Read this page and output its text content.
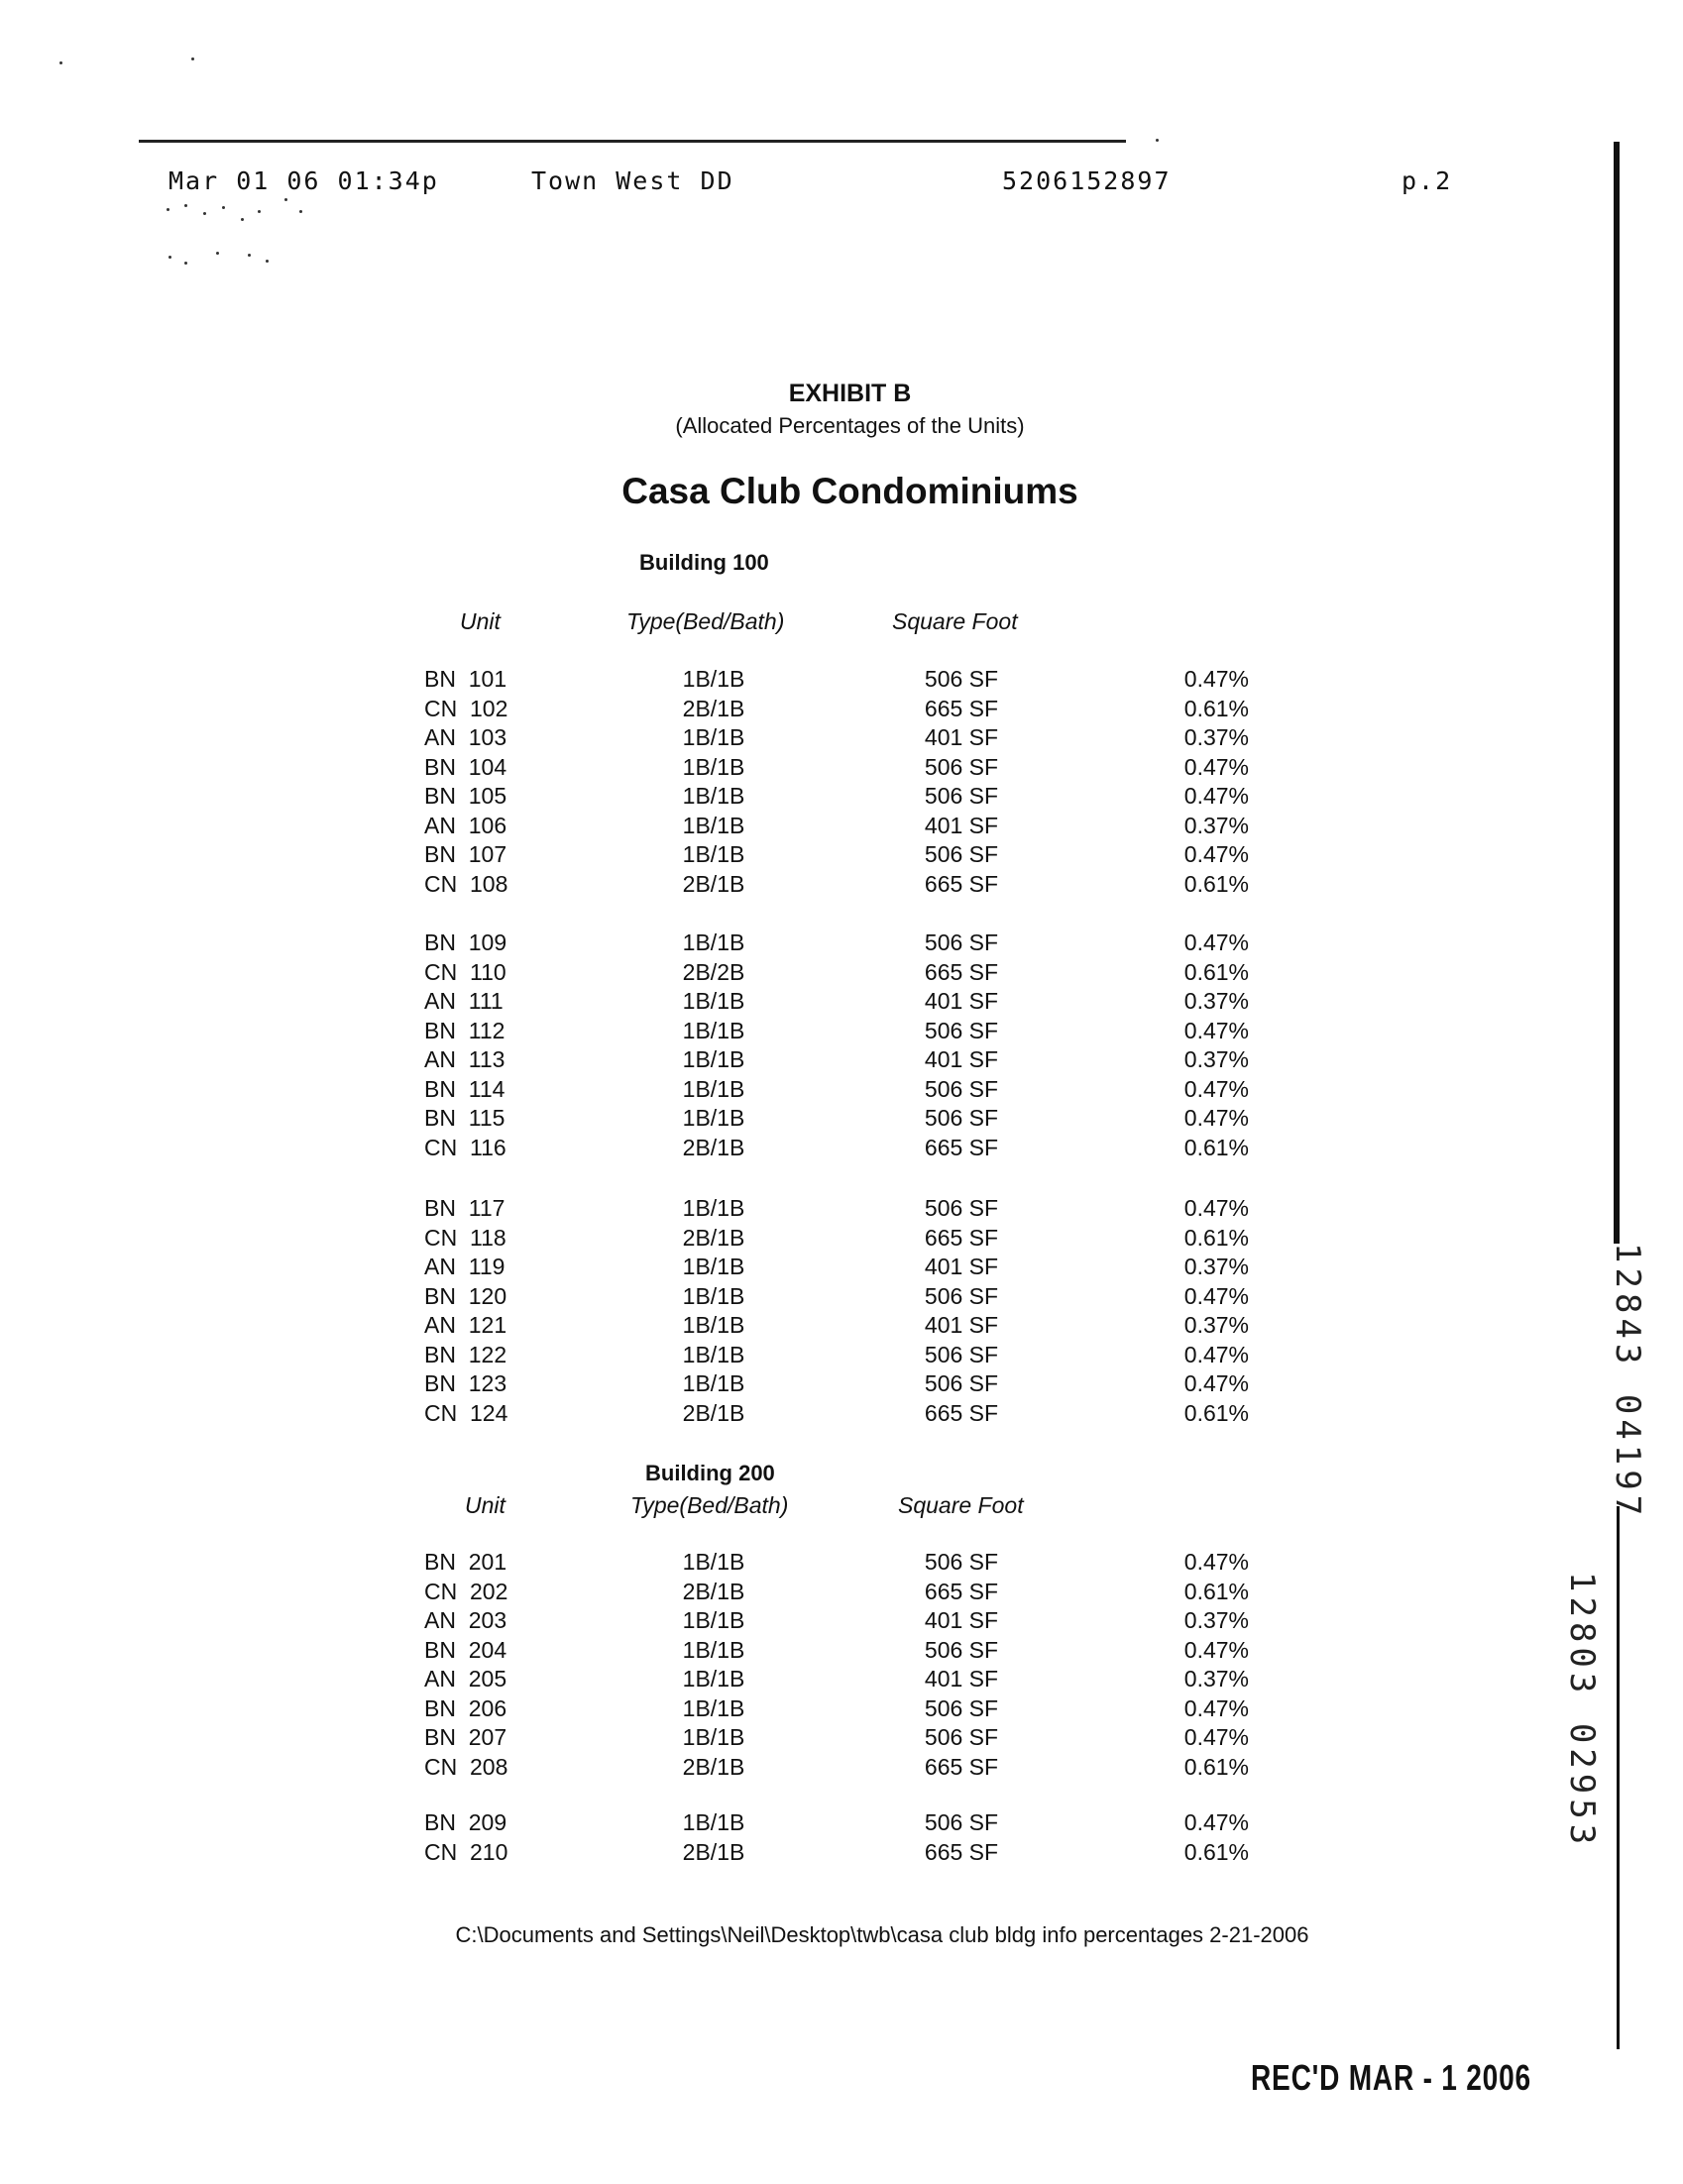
Mar 01 06 01:34p	Town West DD	5206152897	p.2
EXHIBIT B
(Allocated Percentages of the Units)
Casa Club Condominiums
Building 100
Unit	Type(Bed/Bath)	Square Foot
BN  101	1B/1B	506 SF	0.47%
CN  102	2B/1B	665 SF	0.61%
AN  103	1B/1B	401 SF	0.37%
BN  104	1B/1B	506 SF	0.47%
BN  105	1B/1B	506 SF	0.47%
AN  106	1B/1B	401 SF	0.37%
BN  107	1B/1B	506 SF	0.47%
CN  108	2B/1B	665 SF	0.61%
BN  109	1B/1B	506 SF	0.47%
CN  110	2B/2B	665 SF	0.61%
AN  111	1B/1B	401 SF	0.37%
BN  112	1B/1B	506 SF	0.47%
AN  113	1B/1B	401 SF	0.37%
BN  114	1B/1B	506 SF	0.47%
BN  115	1B/1B	506 SF	0.47%
CN  116	2B/1B	665 SF	0.61%
BN  117	1B/1B	506 SF	0.47%
CN  118	2B/1B	665 SF	0.61%
AN  119	1B/1B	401 SF	0.37%
BN  120	1B/1B	506 SF	0.47%
AN  121	1B/1B	401 SF	0.37%
BN  122	1B/1B	506 SF	0.47%
BN  123	1B/1B	506 SF	0.47%
CN  124	2B/1B	665 SF	0.61%
Building 200
Unit	Type(Bed/Bath)	Square Foot
BN  201	1B/1B	506 SF	0.47%
CN  202	2B/1B	665 SF	0.61%
AN  203	1B/1B	401 SF	0.37%
BN  204	1B/1B	506 SF	0.47%
AN  205	1B/1B	401 SF	0.37%
BN  206	1B/1B	506 SF	0.47%
BN  207	1B/1B	506 SF	0.47%
CN  208	2B/1B	665 SF	0.61%
BN  209	1B/1B	506 SF	0.47%
CN  210	2B/1B	665 SF	0.61%
C:\Documents and Settings\Neil\Desktop\twb\casa club bldg info percentages 2-21-2006
12843 04197
12803 02953
REC'D MAR - 1 2006
